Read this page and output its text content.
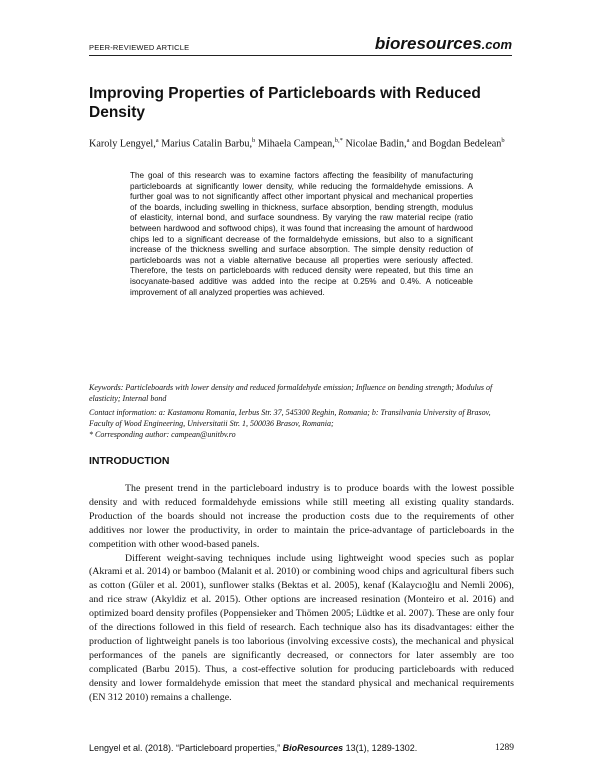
PEER-REVIEWED ARTICLE	bioresources.com
Improving Properties of Particleboards with Reduced Density
Karoly Lengyel,$^a$ Marius Catalin Barbu,$^b$ Mihaela Campean,$^{b,*}$ Nicolae Badin,$^a$ and Bogdan Bedelean$^b$
The goal of this research was to examine factors affecting the feasibility of manufacturing particleboards at significantly lower density, while reducing the formaldehyde emissions. A further goal was to not significantly affect other important physical and mechanical properties of the boards, including swelling in thickness, surface absorption, bending strength, modulus of elasticity, internal bond, and surface soundness. By varying the raw material recipe (ratio between hardwood and softwood chips), it was found that increasing the amount of hardwood chips led to a significant decrease of the formaldehyde emissions, but also to a significant increase of the thickness swelling and surface absorption. The simple density reduction of particleboards was not a viable alternative because all properties were seriously affected. Therefore, the tests on particleboards with reduced density were repeated, but this time an isocyanate-based additive was added into the recipe at 0.25% and 0.4%. A noticeable improvement of all analyzed properties was achieved.
Keywords: Particleboards with lower density and reduced formaldehyde emission; Influence on bending strength; Modulus of elasticity; Internal bond
Contact information: a: Kastamonu Romania, Ierbus Str. 37, 545300 Reghin, Romania; b: Transilvania University of Brasov, Faculty of Wood Engineering, Universitatii Str. 1, 500036 Brasov, Romania;
* Corresponding author: campean@unitbv.ro
INTRODUCTION

The present trend in the particleboard industry is to produce boards with the lowest possible density and with reduced formaldehyde emissions while still meeting all existing quality standards. Production of the boards should not increase the production costs due to the requirements of other additives nor lower the productivity, in order to maintain the price-advantage of particleboards in the competition with other wood-based panels.

Different weight-saving techniques include using lightweight wood species such as poplar (Akrami et al. 2014) or bamboo (Malanit et al. 2010) or combining wood chips and agricultural fibers such as cotton (Güler et al. 2001), sunflower stalks (Bektas et al. 2005), kenaf (Kalaycıoğlu and Nemli 2006), and rice straw (Akyldiz et al. 2015). Other options are increased resination (Monteiro et al. 2016) and optimized board density profiles (Poppensieker and Thömen 2005; Lüdtke et al. 2007). These are only four of the directions followed in this field of research. Each technique also has its disadvantages: either the production of lightweight panels is too laborious (involving excessive costs), the mechanical and physical performances of the panels are significantly decreased, or connectors for later assembly are too complicated (Barbu 2015). Thus, a cost-effective solution for producing particleboards with reduced density and lower formaldehyde emission that meet the standard physical and mechanical requirements (EN 312 2010) remains a challenge.

Lengyel et al. (2018). “Particleboard properties,” BioResources 13(1), 1289-1302.	1289
